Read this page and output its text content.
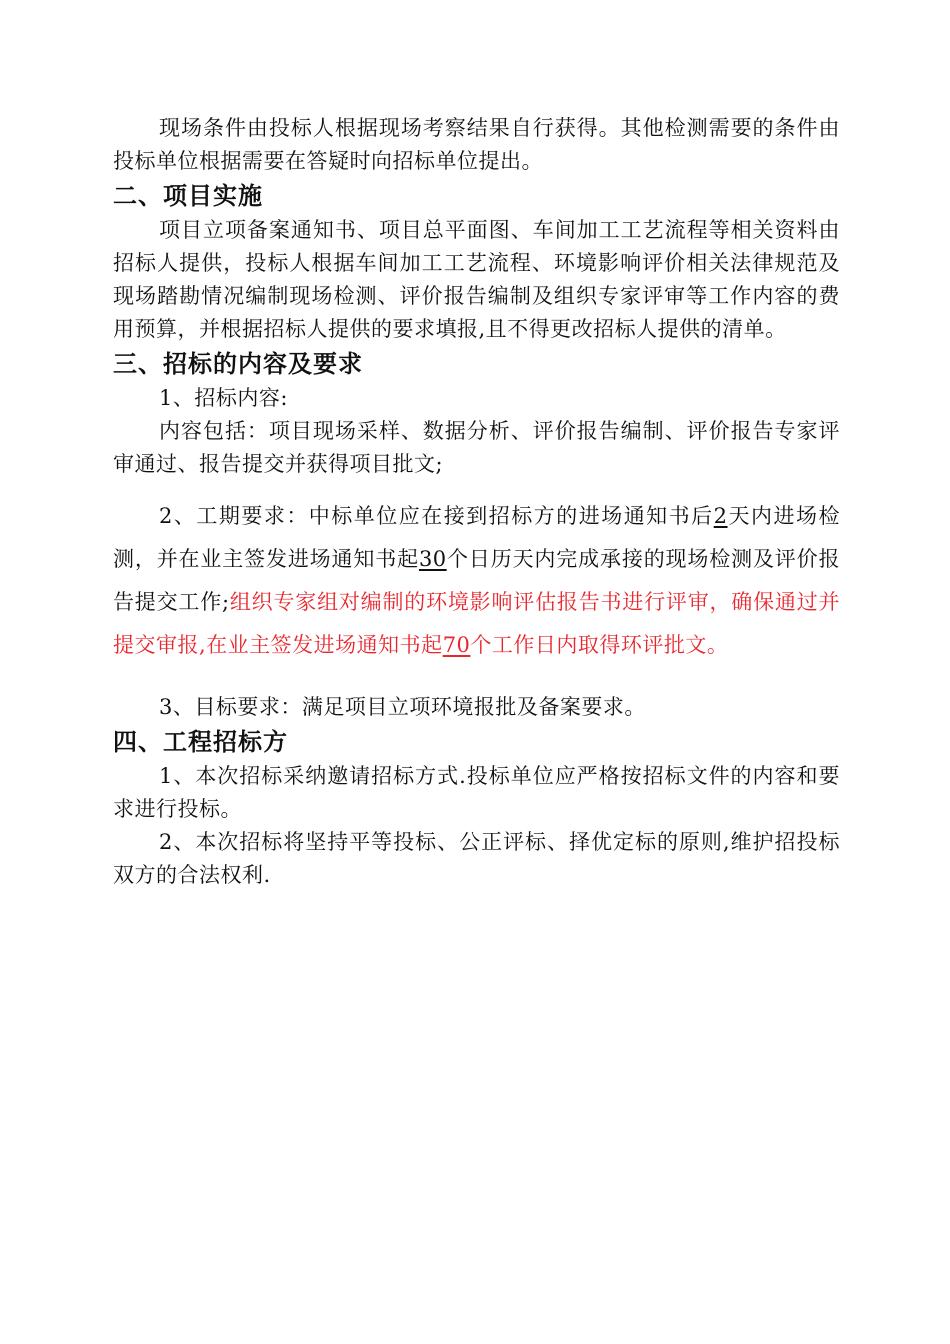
现场条件由投标人根据现场考察结果自行获得。其他检测需要的条件由投标单位根据需要在答疑时向招标单位提出。

二、项目实施

项目立项备案通知书、项目总平面图、车间加工工艺流程等相关资料由招标人提供，投标人根据车间加工工艺流程、环境影响评价相关法律规范及现场踏勘情况编制现场检测、评价报告编制及组织专家评审等工作内容的费用预算，并根据招标人提供的要求填报,且不得更改招标人提供的清单。

三、招标的内容及要求

1、招标内容:

内容包括：项目现场采样、数据分析、评价报告编制、评价报告专家评审通过、报告提交并获得项目批文;

2、工期要求：中标单位应在接到招标方的进场通知书后2天内进场检测，并在业主签发进场通知书起30个日历天内完成承接的现场检测及评价报告提交工作;组织专家组对编制的环境影响评估报告书进行评审，确保通过并提交审报,在业主签发进场通知书起70个工作日内取得环评批文。

3、目标要求：满足项目立项环境报批及备案要求。

四、工程招标方

1、本次招标采纳邀请招标方式.投标单位应严格按招标文件的内容和要求进行投标。

2、本次招标将坚持平等投标、公正评标、择优定标的原则,维护招投标双方的合法权利.
